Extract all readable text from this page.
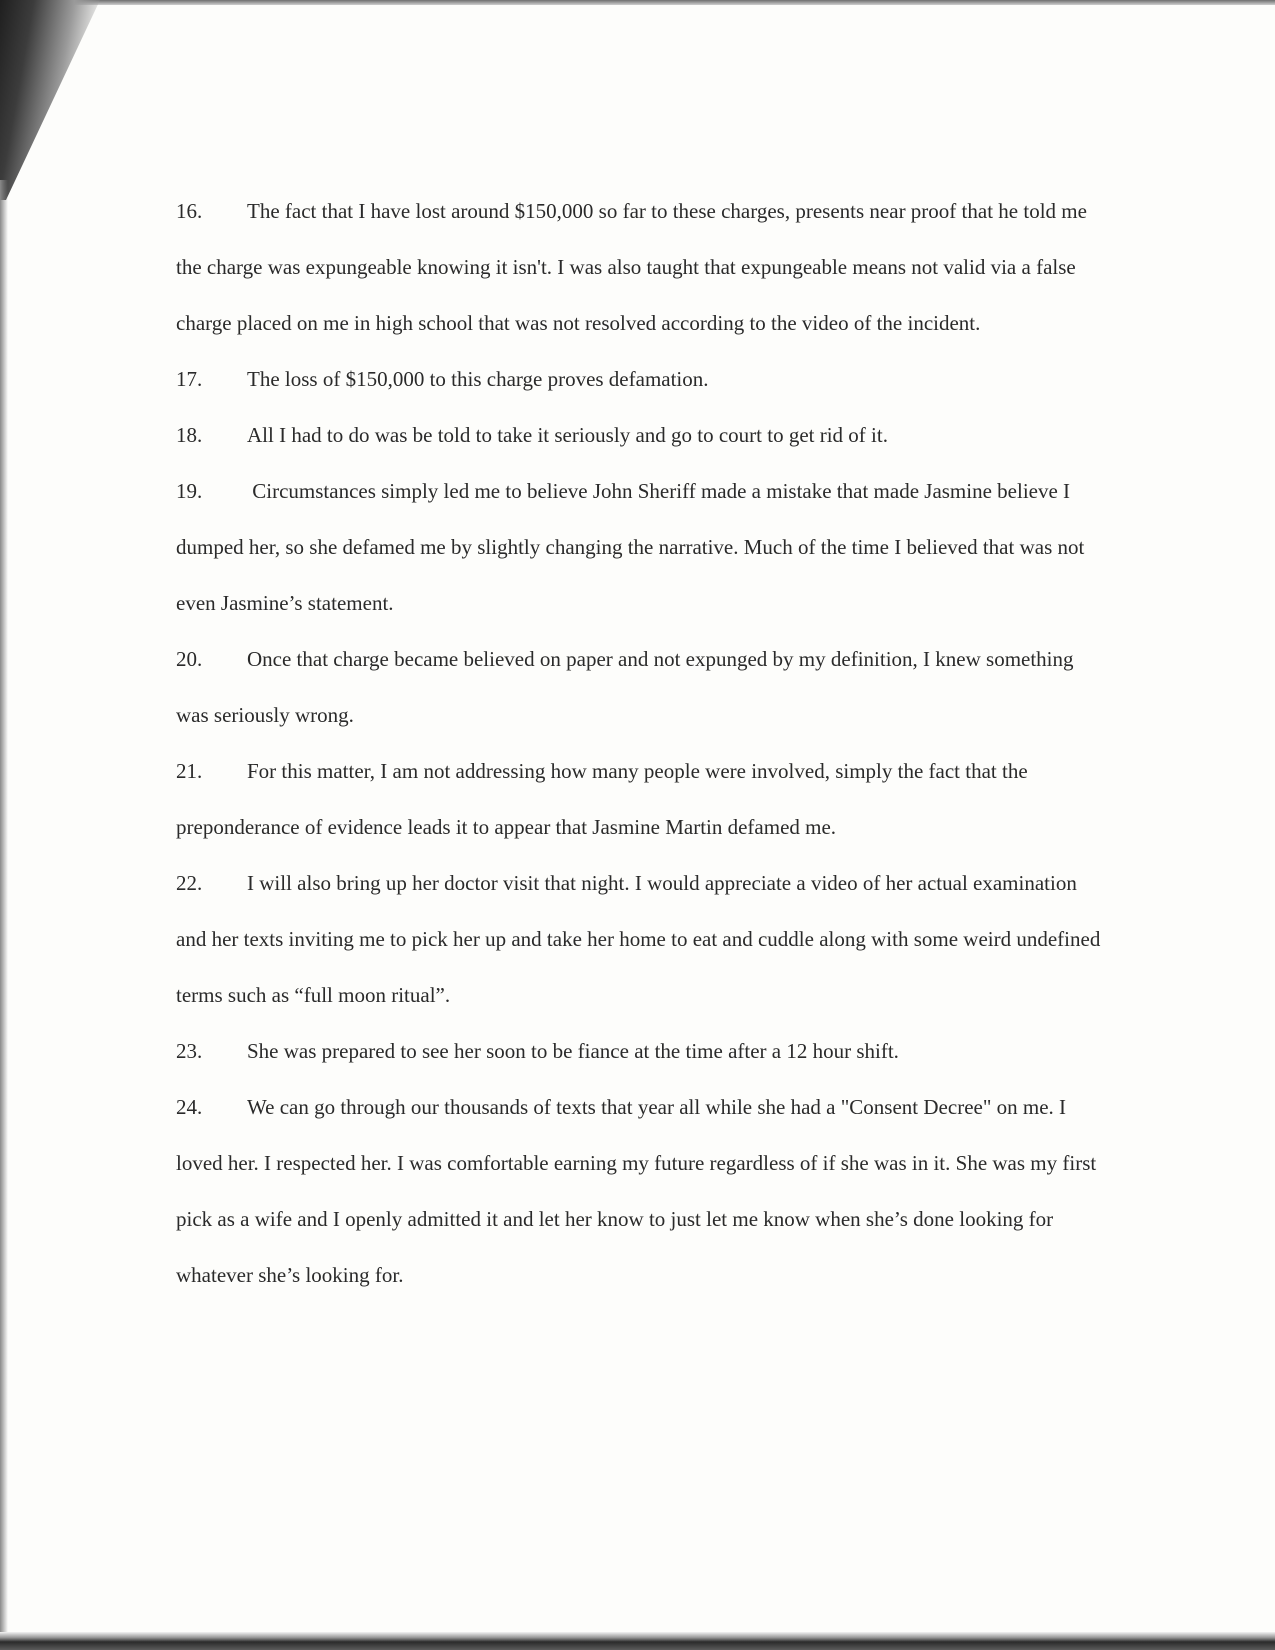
16. The fact that I have lost around $150,000 so far to these charges, presents near proof that he told me the charge was expungeable knowing it isn't. I was also taught that expungeable means not valid via a false charge placed on me in high school that was not resolved according to the video of the incident.

17. The loss of $150,000 to this charge proves defamation.

18. All I had to do was be told to take it seriously and go to court to get rid of it.

19. Circumstances simply led me to believe John Sheriff made a mistake that made Jasmine believe I dumped her, so she defamed me by slightly changing the narrative. Much of the time I believed that was not even Jasmine’s statement.

20. Once that charge became believed on paper and not expunged by my definition, I knew something was seriously wrong.

21. For this matter, I am not addressing how many people were involved, simply the fact that the preponderance of evidence leads it to appear that Jasmine Martin defamed me.

22. I will also bring up her doctor visit that night. I would appreciate a video of her actual examination and her texts inviting me to pick her up and take her home to eat and cuddle along with some weird undefined terms such as “full moon ritual”.

23. She was prepared to see her soon to be fiance at the time after a 12 hour shift.

24. We can go through our thousands of texts that year all while she had a "Consent Decree" on me. I loved her. I respected her. I was comfortable earning my future regardless of if she was in it. She was my first pick as a wife and I openly admitted it and let her know to just let me know when she’s done looking for whatever she’s looking for.
